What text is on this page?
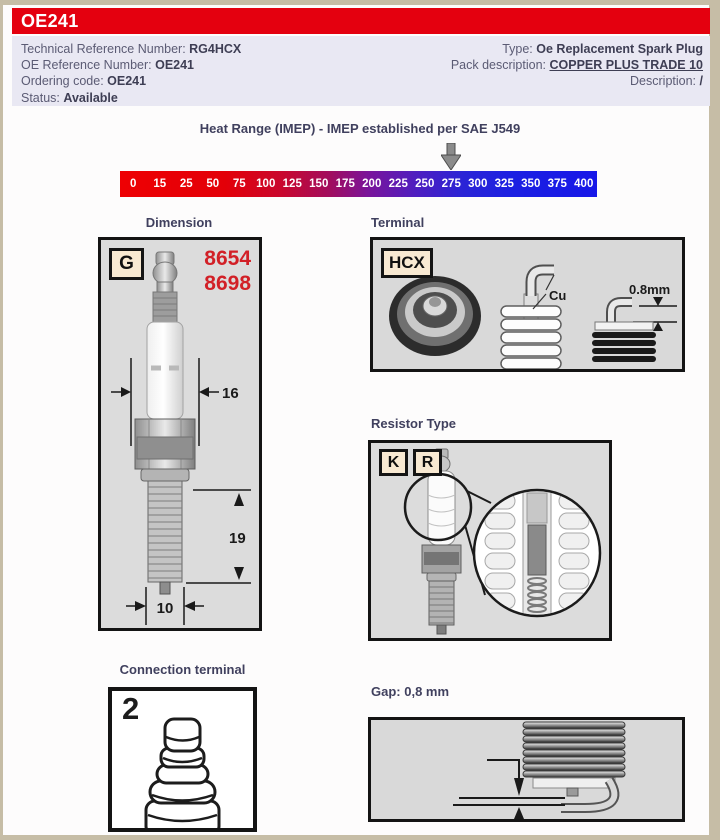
OE241
Technical Reference Number: RG4HCX
OE Reference Number: OE241
Ordering code: OE241
Status: Available
Type: Oe Replacement Spark Plug
Pack description: COPPER PLUS TRADE 10
Description: /
Heat Range (IMEP) - IMEP established per SAE J549
0	15	25	50	75 100 125 150 175 200 225 250 275 300 325 350 375 400
Dimension
G	8654
8698
16
19
10
Terminal
HCX
Cu	0.8mm
Resistor Type
K	R
Connection terminal
2	Gap: 0,8 mm
